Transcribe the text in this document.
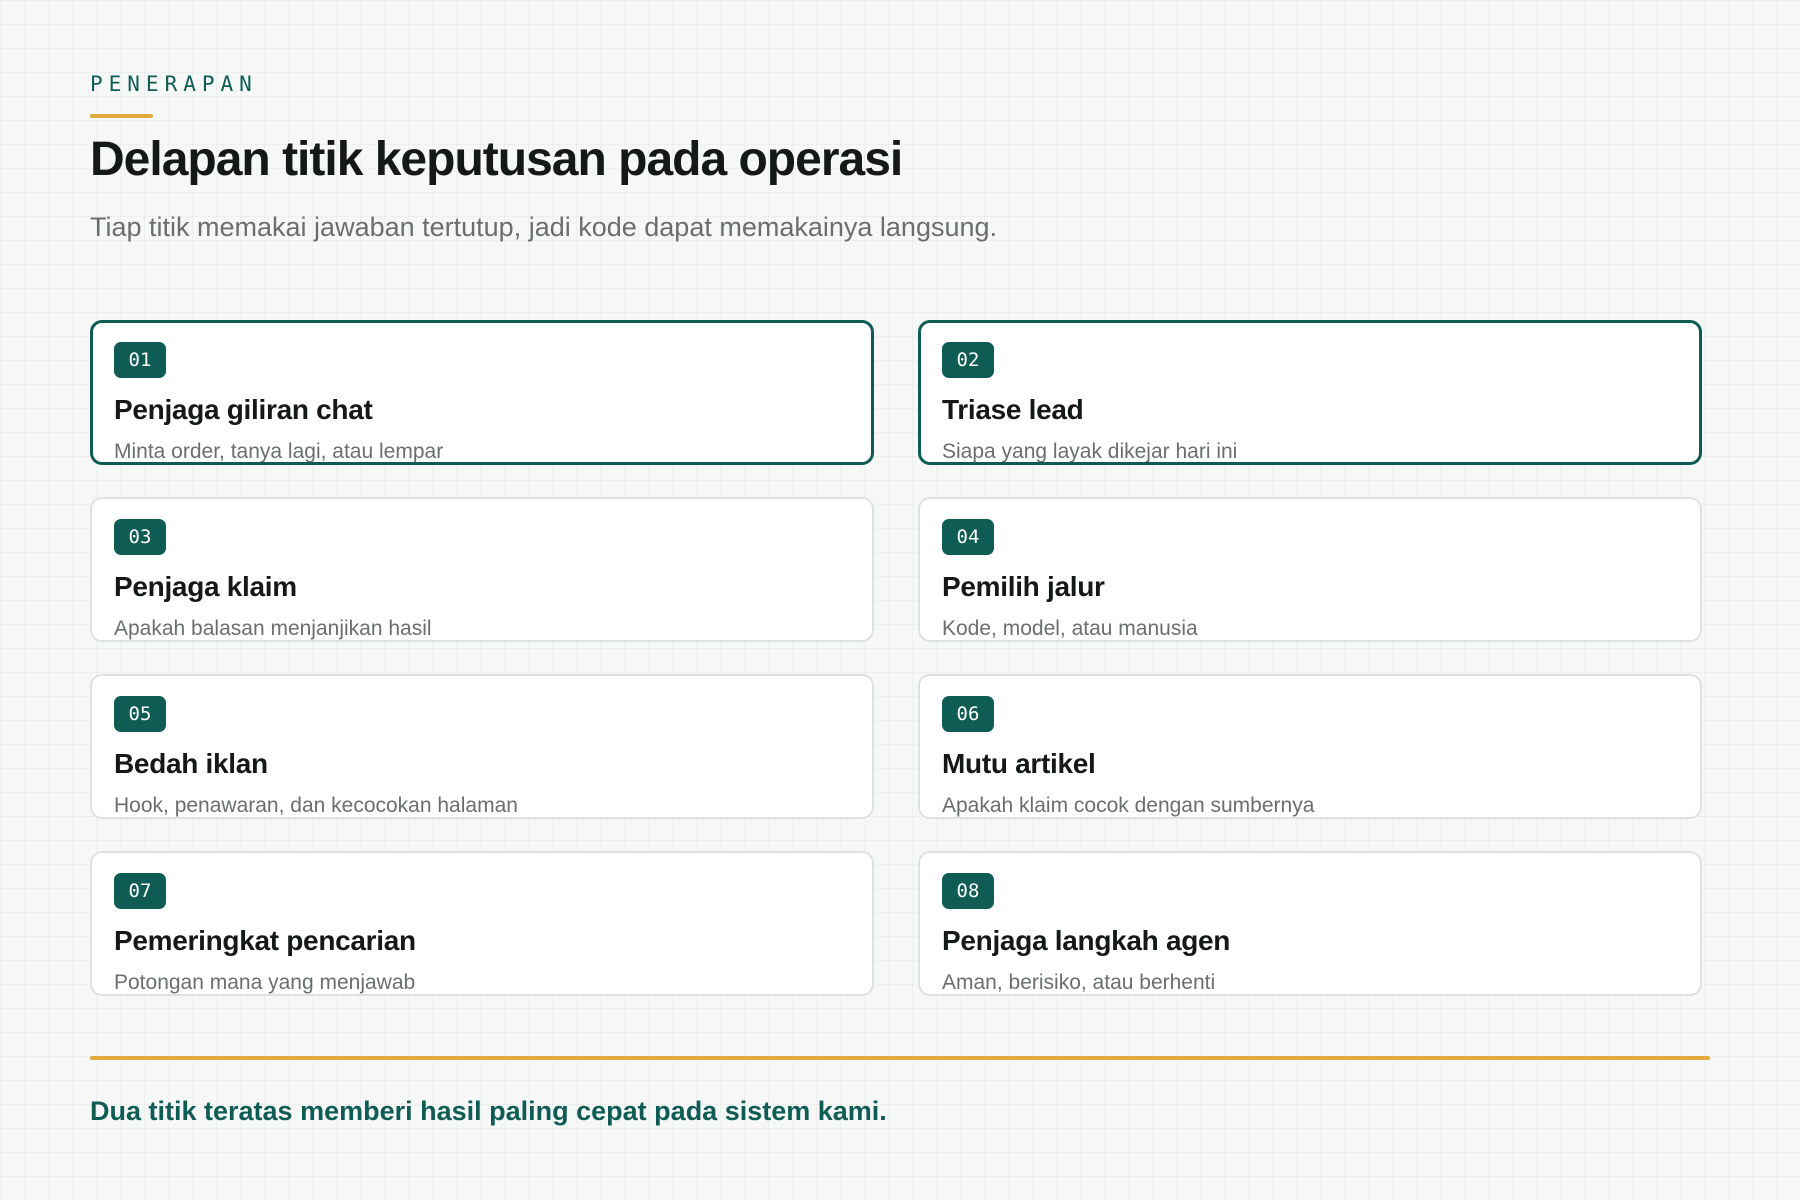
PENERAPAN
Delapan titik keputusan pada operasi

Tiap titik memakai jawaban tertutup, jadi kode dapat memakainya langsung.

01
Penjaga giliran chat
Minta order, tanya lagi, atau lempar
02
Triase lead
Siapa yang layak dikejar hari ini
03
Penjaga klaim
Apakah balasan menjanjikan hasil
04
Pemilih jalur
Kode, model, atau manusia
05
Bedah iklan
Hook, penawaran, dan kecocokan halaman
06
Mutu artikel
Apakah klaim cocok dengan sumbernya
07
Pemeringkat pencarian
Potongan mana yang menjawab
08
Penjaga langkah agen
Aman, berisiko, atau berhenti
Dua titik teratas memberi hasil paling cepat pada sistem kami.
